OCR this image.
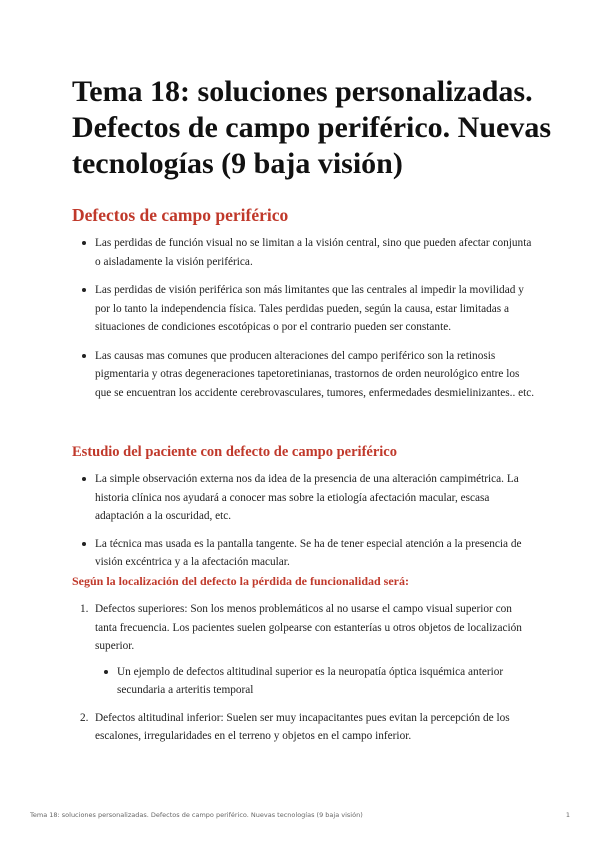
Tema 18: soluciones personalizadas. Defectos de campo periférico. Nuevas tecnologías (9 baja visión)
Defectos de campo periférico
Las perdidas de función visual no se limitan a la visión central, sino que pueden afectar conjunta o aisladamente la visión periférica.
Las perdidas de visión periférica son más limitantes que las centrales al impedir la movilidad y por lo tanto la independencia física. Tales perdidas pueden, según la causa, estar limitadas a situaciones de condiciones escotópicas o por el contrario pueden ser constante.
Las causas mas comunes que producen alteraciones del campo periférico son la retinosis pigmentaria y otras degeneraciones tapetoretinianas, trastornos de orden neurológico entre los que se encuentran los accidente cerebrovasculares, tumores, enfermedades desmielinizantes.. etc.
Estudio del paciente con defecto de campo periférico
La simple observación externa nos da idea de la presencia de una alteración campimétrica. La historia clínica nos ayudará a conocer mas sobre la etiología afectación macular, escasa adaptación a la oscuridad, etc.
La técnica mas usada es la pantalla tangente. Se ha de tener especial atención a la presencia de visión excéntrica y a la afectación macular.
Según la localización del defecto la pérdida de funcionalidad será:
1. Defectos superiores: Son los menos problemáticos al no usarse el campo visual superior con tanta frecuencia. Los pacientes suelen golpearse con estanterías u otros objetos de localización superior.
Un ejemplo de defectos altitudinal superior es la neuropatía óptica isquémica anterior secundaria a arteritis temporal
2. Defectos altitudinal inferior: Suelen ser muy incapacitantes pues evitan la percepción de los escalones, irregularidades en el terreno y objetos en el campo inferior.
Tema 18: soluciones personalizadas. Defectos de campo periférico. Nuevas tecnologías (9 baja visión)	1
